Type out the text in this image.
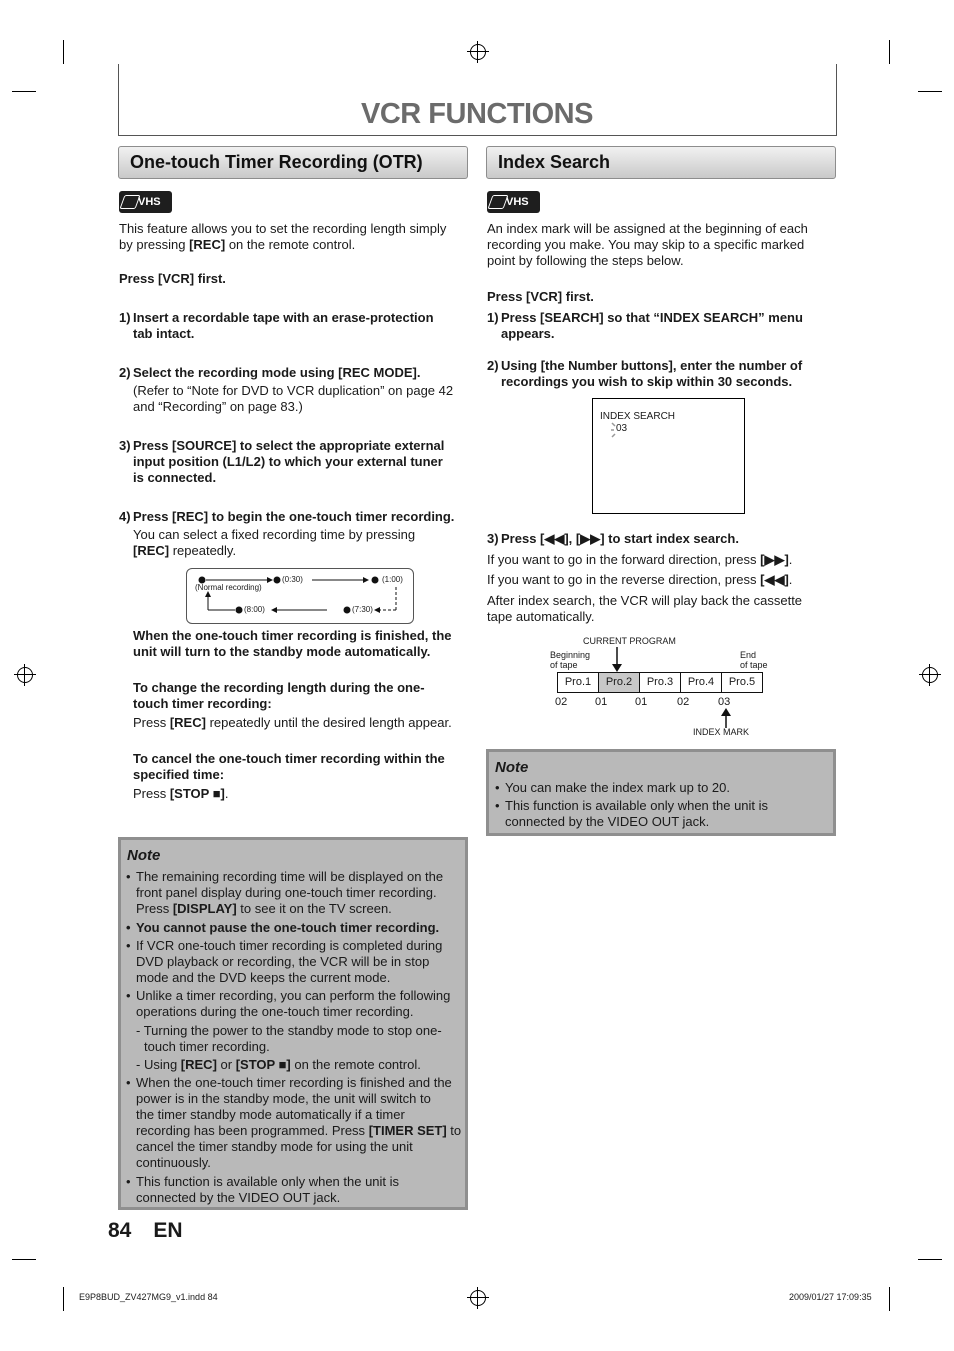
VCR FUNCTIONS
One-touch Timer Recording (OTR)
VHS
This feature allows you to set the recording length simply
by pressing [REC] on the remote control.
Press [VCR] first.
1) Insert a recordable tape with an erase-protection
tab intact.
2) Select the recording mode using [REC MODE].
(Refer to “Note for DVD to VCR duplication” on page 42
and “Recording” on page 83.)
3) Press [SOURCE] to select the appropriate external
input position (L1/L2) to which your external tuner
is connected.
4) Press [REC] to begin the one-touch timer recording.
You can select a fixed recording time by pressing
[REC] repeatedly.
(Normal recording)
(0:30)	(1:00)
(8:00)	(7:30)
When the one-touch timer recording is finished, the
unit will turn to the standby mode automatically.
To change the recording length during the one-
touch timer recording:
Press [REC] repeatedly until the desired length appear.
To cancel the one-touch timer recording within the
specified time:
Press [STOP ■].
Note
• The remaining recording time will be displayed on the
front panel display during one-touch timer recording.
Press [DISPLAY] to see it on the TV screen.
• You cannot pause the one-touch timer recording.
• If VCR one-touch timer recording is completed during
DVD playback or recording, the VCR will be in stop
mode and the DVD keeps the current mode.
• Unlike a timer recording, you can perform the following
operations during the one-touch timer recording.
- Turning the power to the standby mode to stop one-
touch timer recording.
- Using [REC] or [STOP ■] on the remote control.
• When the one-touch timer recording is finished and the
power is in the standby mode, the unit will switch to
the timer standby mode automatically if a timer
recording has been programmed. Press [TIMER SET] to
cancel the timer standby mode for using the unit
continuously.
• This function is available only when the unit is
connected by the VIDEO OUT jack.
Index Search
VHS
An index mark will be assigned at the beginning of each
recording you make. You may skip to a specific marked
point by following the steps below.
Press [VCR] first.
1) Press [SEARCH] so that “INDEX SEARCH” menu
appears.
2) Using [the Number buttons], enter the number of
recordings you wish to skip within 30 seconds.
INDEX SEARCH
03
3) Press [◀◀], [▶▶] to start index search.
If you want to go in the forward direction, press [▶▶].
If you want to go in the reverse direction, press [◀◀].
After index search, the VCR will play back the cassette
tape automatically.
CURRENT PROGRAM
Beginning
of tape
End
of tape
Pro.1	Pro.2	Pro.3	Pro.4	Pro.5
02	01	01	02	03
INDEX MARK
Note
• You can make the index mark up to 20.
• This function is available only when the unit is
connected by the VIDEO OUT jack.
84 EN
E9P8BUD_ZV427MG9_v1.indd 84	2009/01/27 17:09:35
